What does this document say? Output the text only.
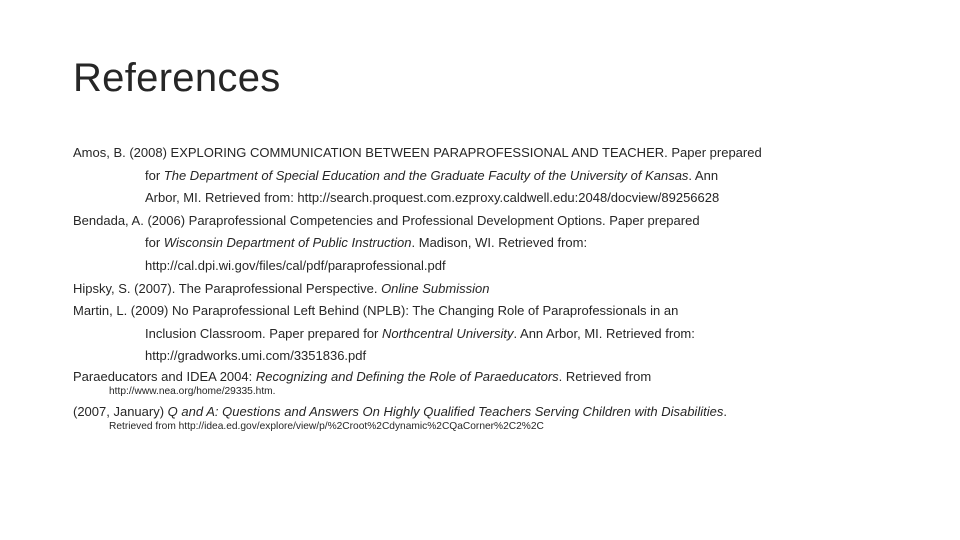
References
Amos, B. (2008) EXPLORING COMMUNICATION BETWEEN PARAPROFESSIONAL AND TEACHER. Paper prepared
for The Department of Special Education and the Graduate Faculty of the University of Kansas. Ann
Arbor, MI. Retrieved from: http://search.proquest.com.ezproxy.caldwell.edu:2048/docview/89256628
Bendada, A. (2006) Paraprofessional Competencies and Professional Development Options. Paper prepared
for Wisconsin Department of Public Instruction. Madison, WI. Retrieved from:
http://cal.dpi.wi.gov/files/cal/pdf/paraprofessional.pdf
Hipsky, S. (2007). The Paraprofessional Perspective. Online Submission
Martin, L. (2009) No Paraprofessional Left Behind (NPLB): The Changing Role of Paraprofessionals in an
Inclusion Classroom. Paper prepared for Northcentral University. Ann Arbor, MI. Retrieved from:
http://gradworks.umi.com/3351836.pdf
Paraeducators and IDEA 2004: Recognizing and Defining the Role of Paraeducators. Retrieved from
http://www.nea.org/home/29335.htm.
(2007, January) Q and A: Questions and Answers On Highly Qualified Teachers Serving Children with Disabilities.
Retrieved from http://idea.ed.gov/explore/view/p/%2Croot%2Cdynamic%2CQaCorner%2C2%2C
